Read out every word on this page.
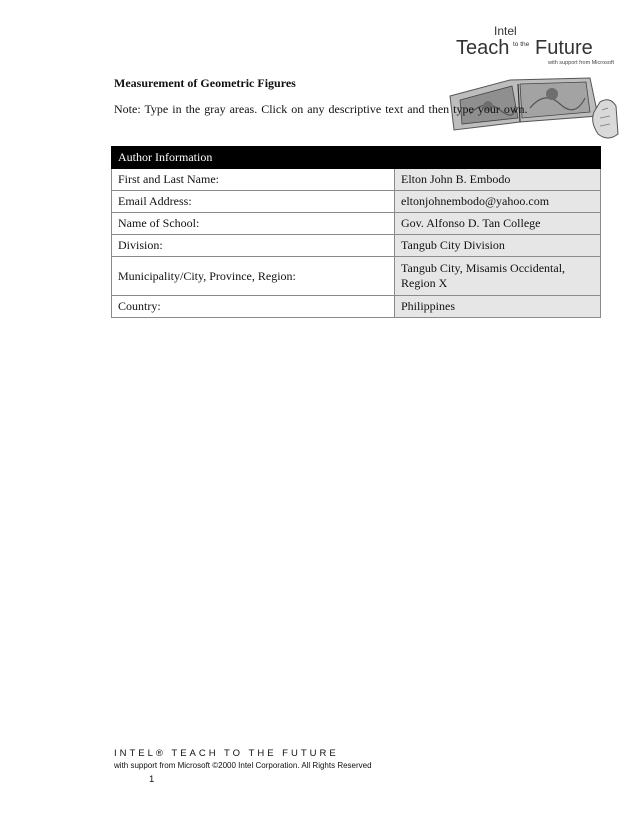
Intel
Teach to the Future
with support from Microsoft
Measurement of Geometric Figures
Note: Type in the gray areas. Click on any descriptive text and then type your own.
Author Information	
First and Last Name:	Elton John B. Embodo
Email Address:	eltonjohnembodo@yahoo.com
Name of School:	Gov. Alfonso D. Tan College
Division:	Tangub City Division
Municipality/City, Province, Region:	Tangub City, Misamis Occidental,
Region X

Country:	Philippines
INTEL® TEACH TO THE FUTURE
with support from Microsoft ©2000 Intel Corporation. All Rights Reserved
1
